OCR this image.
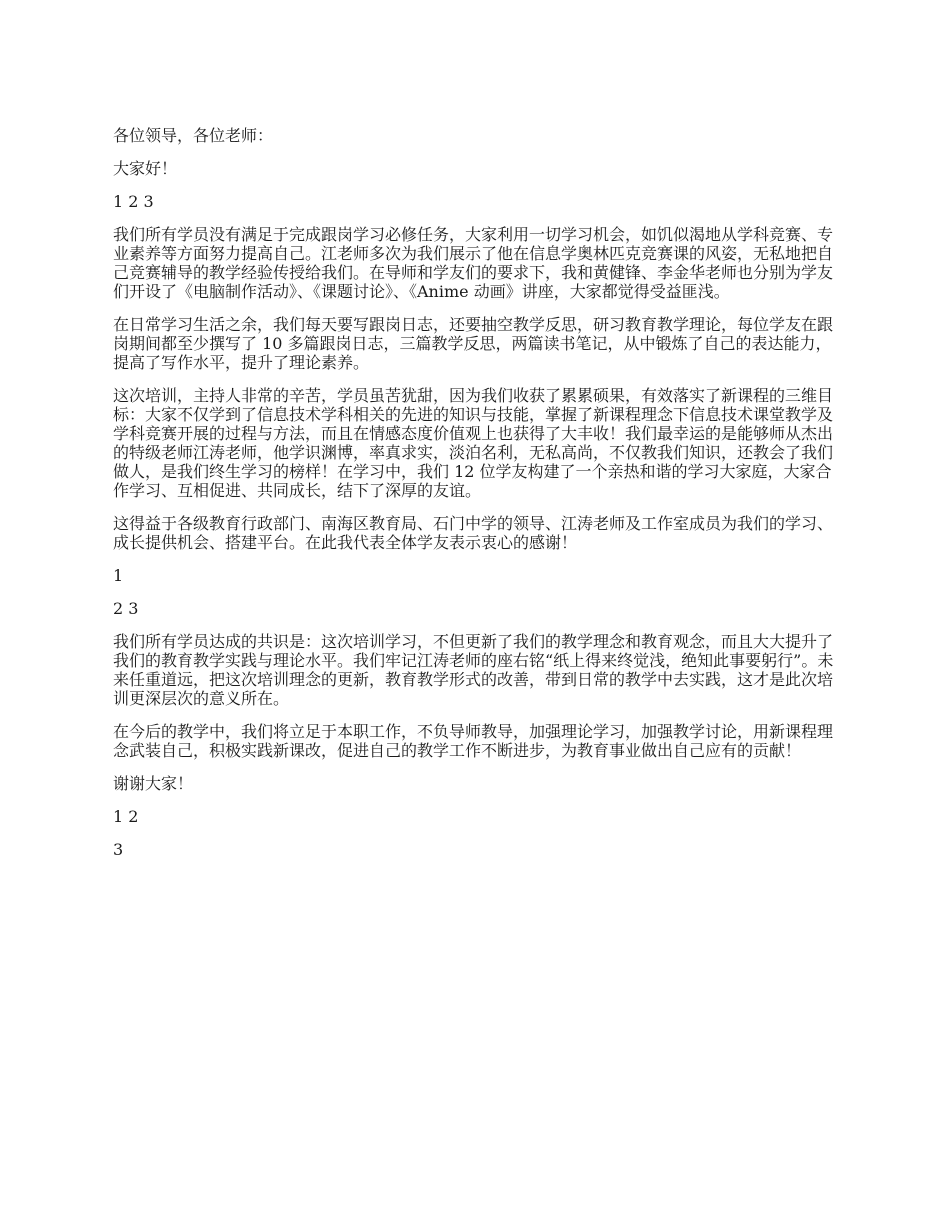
各位领导，各位老师：

大家好！

1 2 3

我们所有学员没有满足于完成跟岗学习必修任务，大家利用一切学习机会，如饥似渴地从学科竞赛、专业素养等方面努力提高自己。江老师多次为我们展示了他在信息学奥林匹克竞赛课的风姿，无私地把自己竞赛辅导的教学经验传授给我们。在导师和学友们的要求下，我和黄健锋、李金华老师也分别为学友们开设了《电脑制作活动》、《课题讨论》、《Anime 动画》讲座，大家都觉得受益匪浅。

在日常学习生活之余，我们每天要写跟岗日志，还要抽空教学反思，研习教育教学理论，每位学友在跟岗期间都至少撰写了 10 多篇跟岗日志，三篇教学反思，两篇读书笔记，从中锻炼了自己的表达能力，提高了写作水平，提升了理论素养。

这次培训，主持人非常的辛苦，学员虽苦犹甜，因为我们收获了累累硕果，有效落实了新课程的三维目标：大家不仅学到了信息技术学科相关的先进的知识与技能，掌握了新课程理念下信息技术课堂教学及学科竞赛开展的过程与方法，而且在情感态度价值观上也获得了大丰收！我们最幸运的是能够师从杰出的特级老师江涛老师，他学识渊博，率真求实，淡泊名利，无私高尚，不仅教我们知识，还教会了我们做人，是我们终生学习的榜样！在学习中，我们 12 位学友构建了一个亲热和谐的学习大家庭，大家合作学习、互相促进、共同成长，结下了深厚的友谊。

这得益于各级教育行政部门、南海区教育局、石门中学的领导、江涛老师及工作室成员为我们的学习、成长提供机会、搭建平台。在此我代表全体学友表示衷心的感谢！

1

2 3

我们所有学员达成的共识是：这次培训学习，不但更新了我们的教学理念和教育观念，而且大大提升了我们的教育教学实践与理论水平。我们牢记江涛老师的座右铭“纸上得来终觉浅，绝知此事要躬行”。未来任重道远，把这次培训理念的更新，教育教学形式的改善，带到日常的教学中去实践，这才是此次培训更深层次的意义所在。

在今后的教学中，我们将立足于本职工作，不负导师教导，加强理论学习，加强教学讨论，用新课程理念武装自己，积极实践新课改，促进自己的教学工作不断进步，为教育事业做出自己应有的贡献！

谢谢大家！

1 2

3
